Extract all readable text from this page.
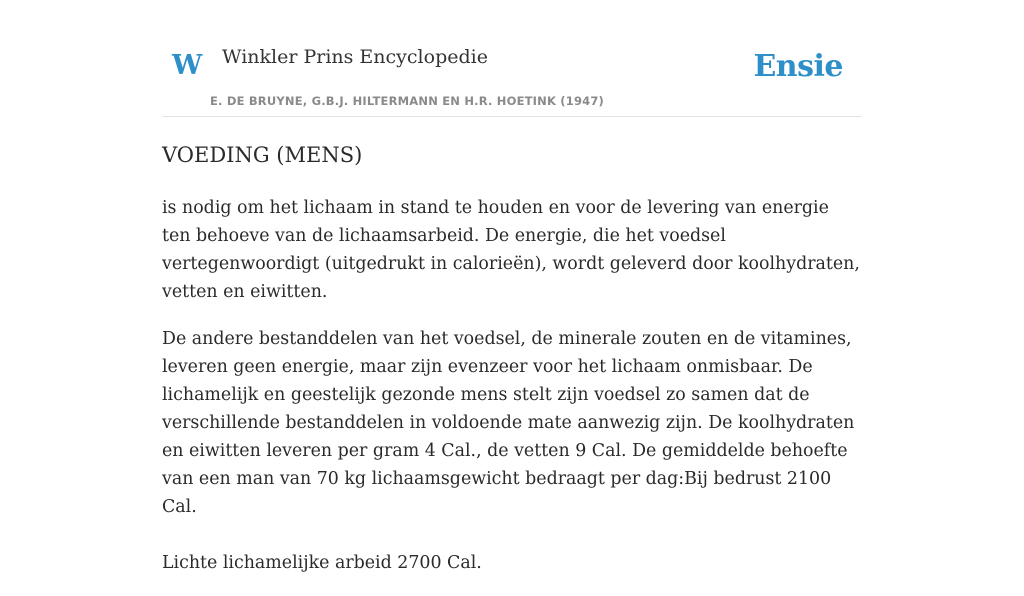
W Winkler Prins Encyclopedie
E. DE BRUYNE, G.B.J. HILTERMANN EN H.R. HOETINK (1947)
Ensie
VOEDING (MENS)

is nodig om het lichaam in stand te houden en voor de levering van energie ten behoeve van de lichaamsarbeid. De energie, die het voedsel vertegenwoordigt (uitgedrukt in calorieën), wordt geleverd door koolhydraten, vetten en eiwitten.

De andere bestanddelen van het voedsel, de minerale zouten en de vitamines, leveren geen energie, maar zijn evenzeer voor het lichaam onmisbaar. De lichamelijk en geestelijk gezonde mens stelt zijn voedsel zo samen dat de verschillende bestanddelen in voldoende mate aanwezig zijn. De koolhydraten en eiwitten leveren per gram 4 Cal., de vetten 9 Cal. De gemiddelde behoefte van een man van 70 kg lichaamsgewicht bedraagt per dag:Bij bedrust 2100 Cal.

Lichte lichamelijke arbeid 2700 Cal.
